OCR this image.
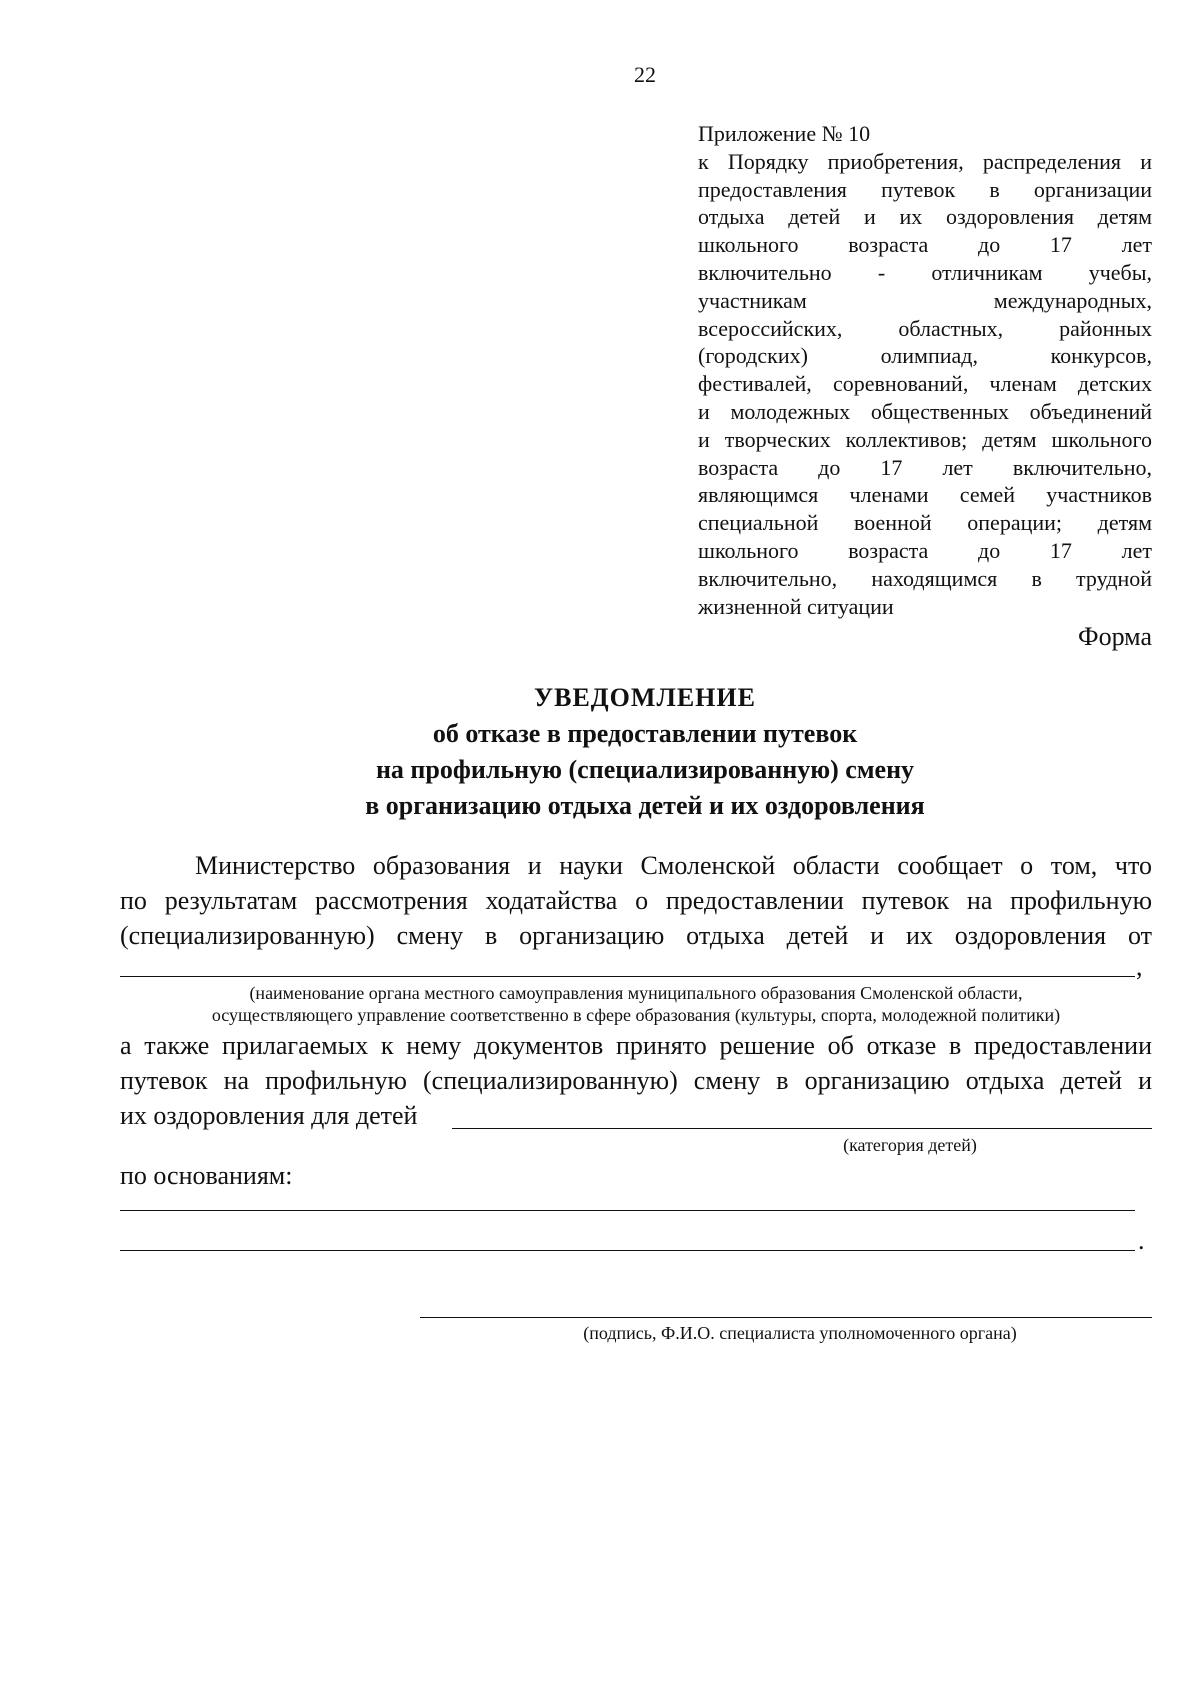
22
Приложение № 10
к Порядку приобретения, распределения и
предоставления путевок в организации
отдыха детей и их оздоровления детям
школьного возраста до 17 лет
включительно - отличникам учебы,
участникам международных,
всероссийских, областных, районных
(городских) олимпиад, конкурсов,
фестивалей, соревнований, членам детских
и молодежных общественных объединений
и творческих коллективов; детям школьного
возраста до 17 лет включительно,
являющимся членами семей участников
специальной военной операции; детям
школьного возраста до 17 лет
включительно, находящимся в трудной
жизненной ситуации
Форма
УВЕДОМЛЕНИЕ
об отказе в предоставлении путевок
на профильную (специализированную) смену
в организацию отдыха детей и их оздоровления
Министерство образования и науки Смоленской области сообщает о том, что
по результатам рассмотрения ходатайства о предоставлении путевок на профильную
(специализированную) смену в организацию отдыха детей и их оздоровления от
,
(наименование органа местного самоуправления муниципального образования Смоленской области,
осуществляющего управление соответственно в сфере образования (культуры, спорта, молодежной политики)
а также прилагаемых к нему документов принято решение об отказе в предоставлении
путевок на профильную (специализированную) смену в организацию отдыха детей и
их оздоровления для детей
(категория детей)
по основаниям:
.
(подпись, Ф.И.О. специалиста уполномоченного органа)
